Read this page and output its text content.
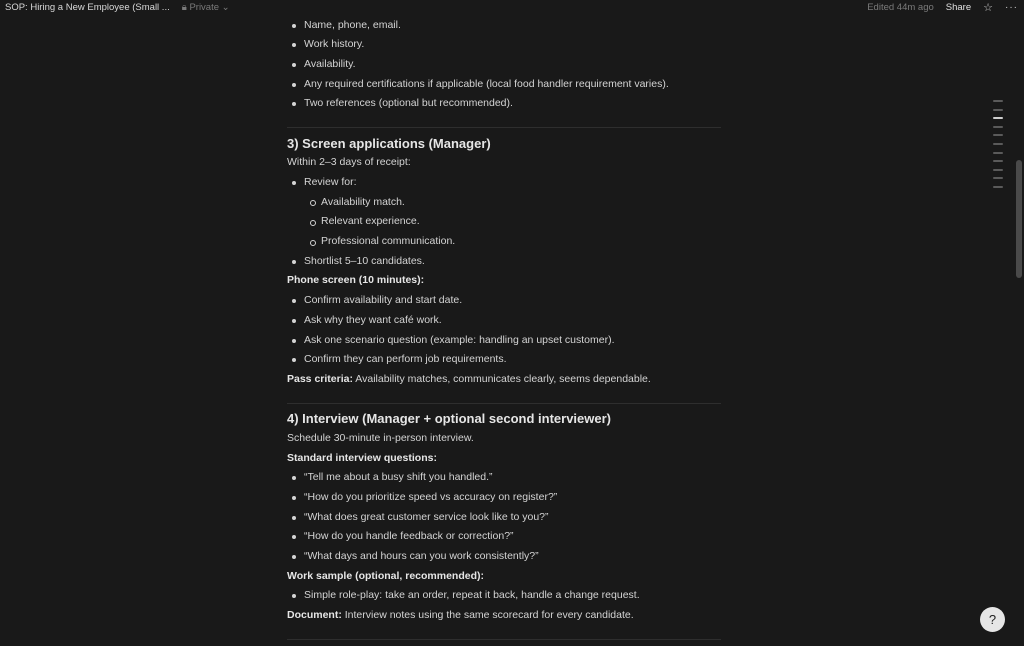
SOP: Hiring a New Employee (Small ... 🔒︎ Private ⌄	Edited 44m ago Share ☆ ···
Name, phone, email.
Work history.
Availability.
Any required certifications if applicable (local food handler requirement varies).
Two references (optional but recommended).
3) Screen applications (Manager)
Within 2–3 days of receipt:
Review for:
Availability match.
Relevant experience.
Professional communication.
Shortlist 5–10 candidates.
Phone screen (10 minutes):
Confirm availability and start date.
Ask why they want café work.
Ask one scenario question (example: handling an upset customer).
Confirm they can perform job requirements.
Pass criteria: Availability matches, communicates clearly, seems dependable.
4) Interview (Manager + optional second interviewer)
Schedule 30-minute in-person interview.
Standard interview questions:
“Tell me about a busy shift you handled.”
“How do you prioritize speed vs accuracy on register?”
“What does great customer service look like to you?”
“How do you handle feedback or correction?”
“What days and hours can you work consistently?”
Work sample (optional, recommended):
Simple role-play: take an order, repeat it back, handle a change request.
Document: Interview notes using the same scorecard for every candidate.	?
